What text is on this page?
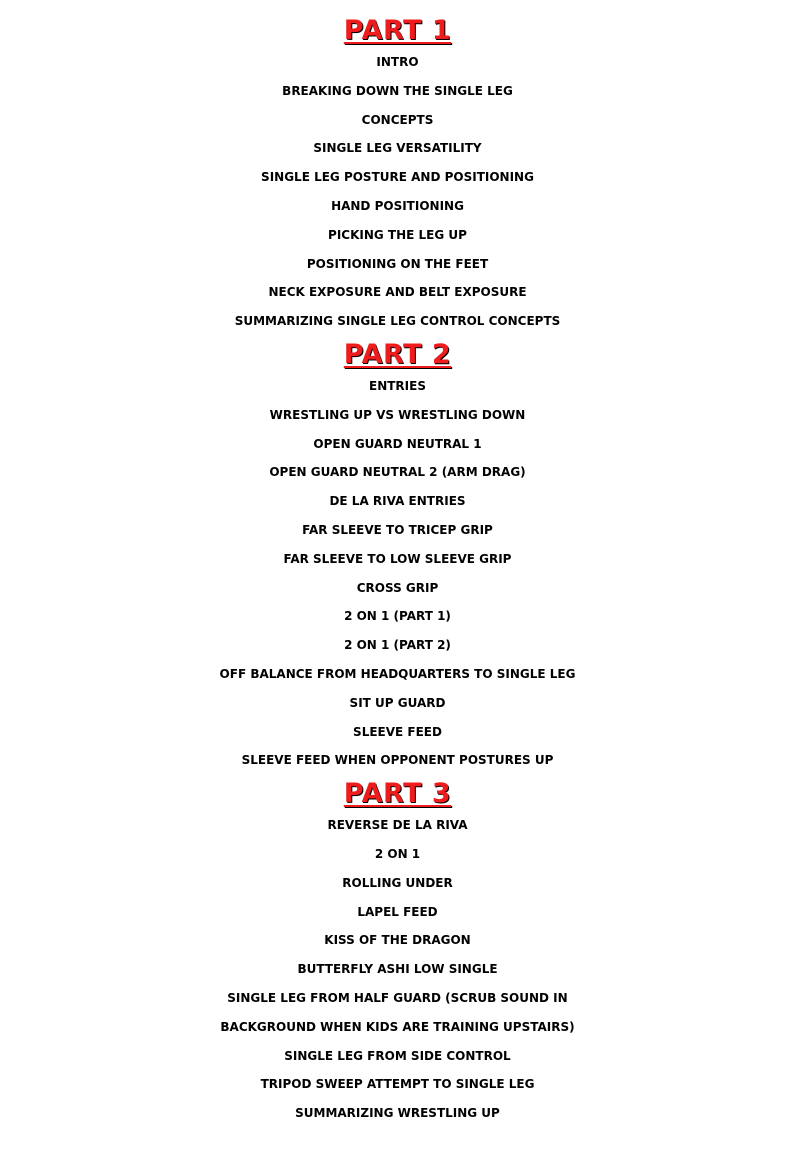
PART 1
INTRO
BREAKING DOWN THE SINGLE LEG
CONCEPTS
SINGLE LEG VERSATILITY
SINGLE LEG POSTURE AND POSITIONING
HAND POSITIONING
PICKING THE LEG UP
POSITIONING ON THE FEET
NECK EXPOSURE AND BELT EXPOSURE
SUMMARIZING SINGLE LEG CONTROL CONCEPTS
PART 2
ENTRIES
WRESTLING UP VS WRESTLING DOWN
OPEN GUARD NEUTRAL 1
OPEN GUARD NEUTRAL 2 (ARM DRAG)
DE LA RIVA ENTRIES
FAR SLEEVE TO TRICEP GRIP
FAR SLEEVE TO LOW SLEEVE GRIP
CROSS GRIP
2 ON 1 (PART 1)
2 ON 1 (PART 2)
OFF BALANCE FROM HEADQUARTERS TO SINGLE LEG
SIT UP GUARD
SLEEVE FEED
SLEEVE FEED WHEN OPPONENT POSTURES UP
PART 3
REVERSE DE LA RIVA
2 ON 1
ROLLING UNDER
LAPEL FEED
KISS OF THE DRAGON
BUTTERFLY ASHI LOW SINGLE
SINGLE LEG FROM HALF GUARD (SCRUB SOUND IN
BACKGROUND WHEN KIDS ARE TRAINING UPSTAIRS)
SINGLE LEG FROM SIDE CONTROL
TRIPOD SWEEP ATTEMPT TO SINGLE LEG
SUMMARIZING WRESTLING UP
